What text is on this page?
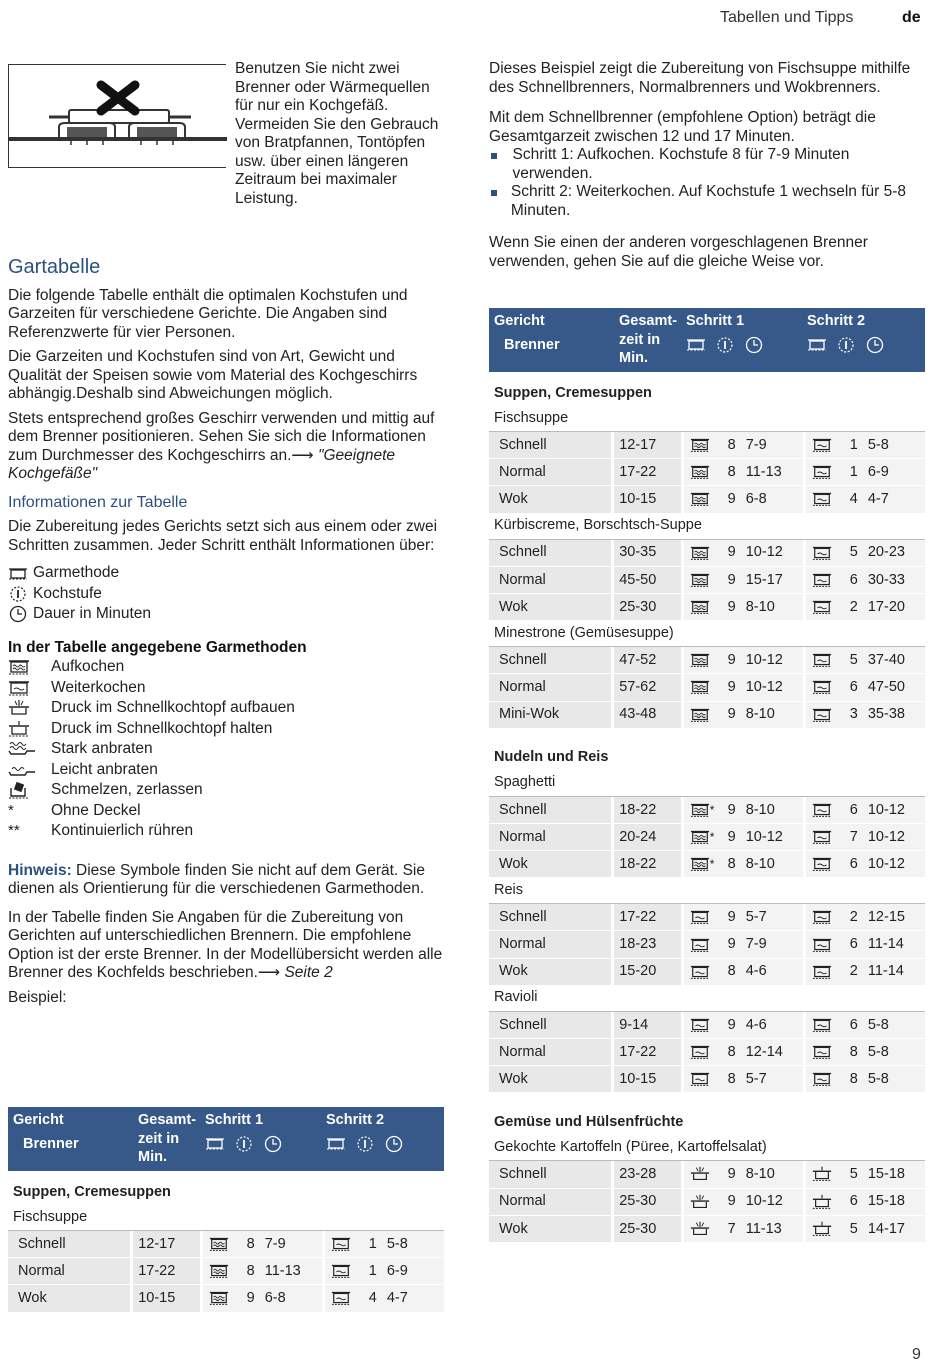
Tabellen und Tipps	de

Benutzen Sie nicht zwei Brenner oder Wärmequellen für nur ein Kochgefäß. Vermeiden Sie den Gebrauch von Bratpfannen, Tontöpfen usw. über einen längeren Zeitraum bei maximaler Leistung.

Gartabelle

Die folgende Tabelle enthält die optimalen Kochstufen und Garzeiten für verschiedene Gerichte. Die Angaben sind Referenzwerte für vier Personen.

Die Garzeiten und Kochstufen sind von Art, Gewicht und Qualität der Speisen sowie vom Material des Kochgeschirrs abhängig.Deshalb sind Abweichungen möglich.

Stets entsprechend großes Geschirr verwenden und mittig auf dem Brenner positionieren. Sehen Sie sich die Informationen zum Durchmesser des Kochgeschirrs an.⟶ "Geeignete Kochgefäße"

Informationen zur Tabelle

Die Zubereitung jedes Gerichts setzt sich aus einem oder zwei Schritten zusammen. Jeder Schritt enthält Informationen über:

Garmethode
Kochstufe
Dauer in Minuten
In der Tabelle angegebene Garmethoden
Aufkochen
Weiterkochen
Druck im Schnellkochtopf aufbauen
Druck im Schnellkochtopf halten
Stark anbraten
Leicht anbraten
Schmelzen, zerlassen
*	Ohne Deckel
**	Kontinuierlich rühren

Hinweis: Diese Symbole finden Sie nicht auf dem Gerät. Sie dienen als Orientierung für die verschiedenen Garmethoden.

In der Tabelle finden Sie Angaben für die Zubereitung von Gerichten auf unterschiedlichen Brennern. Die empfohlene Option ist der erste Brenner. In der Modellübersicht werden alle Brenner des Kochfelds beschrieben.⟶ Seite 2

Beispiel:

Gericht
Brenner
Gesamt-
zeit in
Min.
Schritt 1	Schritt 2
Suppen, Cremesuppen
Fischsuppe
Schnell	12-17	8 7-9	1 5-8
Normal	17-22	8 11-13	1 6-9
Wok	10-15	9 6-8	4 4-7

Dieses Beispiel zeigt die Zubereitung von Fischsuppe mithilfe des Schnellbrenners, Normalbrenners und Wokbrenners.

Mit dem Schnellbrenner (empfohlene Option) beträgt die Gesamtgarzeit zwischen 12 und 17 Minuten.

Schritt 1: Aufkochen. Kochstufe 8 für 7-9 Minuten verwenden.
Schritt 2: Weiterkochen. Auf Kochstufe 1 wechseln für 5-8 Minuten.

Wenn Sie einen der anderen vorgeschlagenen Brenner verwenden, gehen Sie auf die gleiche Weise vor.

Gericht
Brenner
Gesamt-
zeit in
Min.
Schritt 1	Schritt 2
Suppen, Cremesuppen
Fischsuppe
Schnell	12-17	8 7-9	1 5-8
Normal	17-22	8 11-13	1 6-9
Wok	10-15	9 6-8	4 4-7
Kürbiscreme, Borschtsch-Suppe
Schnell	30-35	9 10-12	5 20-23
Normal	45-50	9 15-17	6 30-33
Wok	25-30	9 8-10	2 17-20
Minestrone (Gemüsesuppe)
Schnell	47-52	9 10-12	5 37-40
Normal	57-62	9 10-12	6 47-50
Mini-Wok	43-48	9 8-10	3 35-38
Nudeln und Reis
Spaghetti
Schnell	18-22	* 9 8-10	6 10-12
Normal	20-24	* 9 10-12	7 10-12
Wok	18-22	* 8 8-10	6 10-12
Reis
Schnell	17-22	9 5-7	2 12-15
Normal	18-23	9 7-9	6 11-14
Wok	15-20	8 4-6	2 11-14
Ravioli
Schnell	9-14	9 4-6	6 5-8
Normal	17-22	8 12-14	8 5-8
Wok	10-15	8 5-7	8 5-8
Gemüse und Hülsenfrüchte
Gekochte Kartoffeln (Püree, Kartoffelsalat)
Schnell	23-28	9 8-10	5 15-18
Normal	25-30	9 10-12	6 15-18
Wok	25-30	7 11-13	5 14-17
9
